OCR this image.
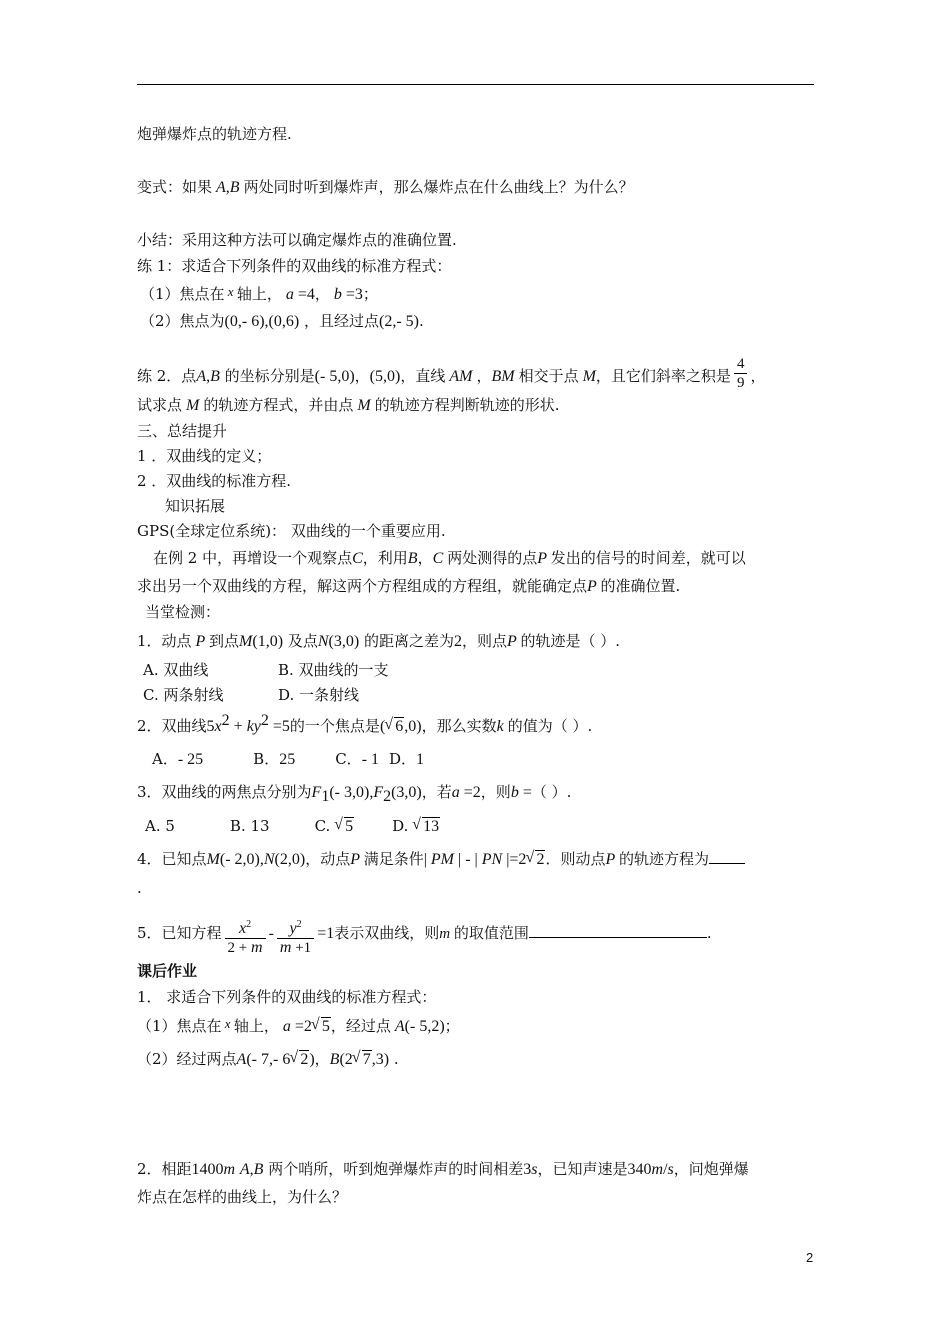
炮弹爆炸点的轨迹方程.
变式：如果 A,B 两处同时听到爆炸声，那么爆炸点在什么曲线上？为什么？
小结：采用这种方法可以确定爆炸点的准确位置.
练 1：求适合下列条件的双曲线的标准方程式：
（1）焦点在 x 轴上， a =4， b =3；
（2）焦点为(0,- 6),(0,6) ，且经过点(2,- 5).
练 2．点A,B 的坐标分别是(- 5,0)，(5,0)，直线 AM ，BM 相交于点 M，且它们斜率之积是 $\frac{4}{9}$ ，
试求点 M 的轨迹方程式，并由点 M 的轨迹方程判断轨迹的形状.
三、总结提升
1 ．双曲线的定义；
2 ．双曲线的标准方程.
知识拓展
GPS(全球定位系统)： 双曲线的一个重要应用.
在例 2 中，再增设一个观察点C，利用B，C 两处测得的点P 发出的信号的时间差，就可以
求出另一个双曲线的方程，解这两个方程组成的方程组，就能确定点P 的准确位置.
当堂检测：
1．动点 P 到点M(1,0) 及点N(3,0) 的距离之差为2，则点P 的轨迹是（ ）.
A. 双曲线	B. 双曲线的一支
C. 两条射线	D. 一条射线
2．双曲线$5x^2 + ky^2 =5$的一个焦点是( √ 6,0)，那么实数k 的值为（ ）.
A．- 25	B．25	C．- 1 D．1
3．双曲线的两焦点分别为$F_1(-$ $3,0),F_2(3,0)$，若a =2，则b =（ ）.
A. 5	B. 13	C. √ 5	D. √ 13
4．已知点M(- 2,0),N(2,0)，动点P 满足条件| PM | - | PN |=2 √ 2．则动点P 的轨迹方程为
.
5．已知方程 $\frac{x^2}{2 + m} - \frac{y^2}{m +1} =1$表示双曲线，则m 的取值范围	.
课后作业
1． 求适合下列条件的双曲线的标准方程式：
（1）焦点在 x 轴上， a =2 √ 5，经过点 A(- 5,2)；
（2）经过两点A(- 7,- 6 √ 2)，B(2 √ 7,3) .
2．相距1400m A,B 两个哨所，听到炮弹爆炸声的时间相差3s，已知声速是340m/s，问炮弹爆
炸点在怎样的曲线上，为什么？
2
